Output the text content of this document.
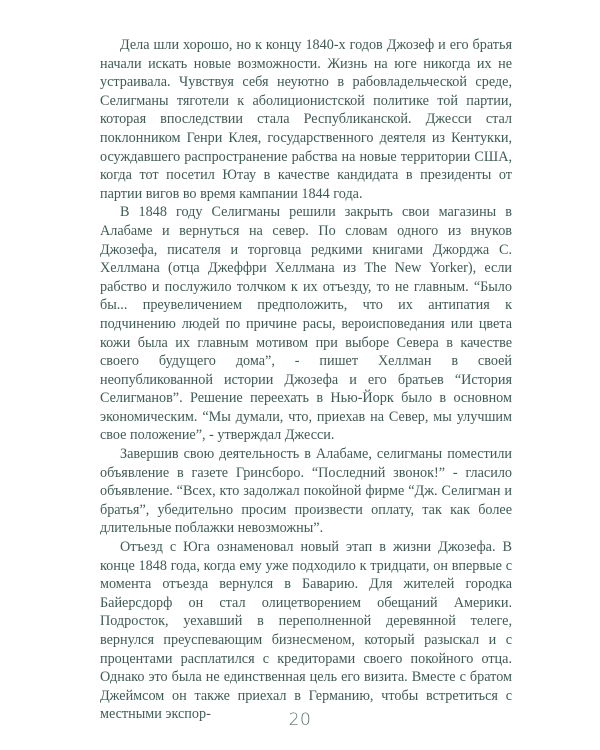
Дела шли хорошо, но к концу 1840-х годов Джозеф и его братья начали искать новые возможности. Жизнь на юге никогда их не устраивала. Чувствуя себя неуютно в рабовладельческой среде, Селигманы тяготели к аболиционистской политике той партии, которая впоследствии стала Республиканской. Джесси стал поклонником Генри Клея, государственного деятеля из Кентукки, осуждавшего распространение рабства на новые территории США, когда тот посетил Ютау в качестве кандидата в президенты от партии вигов во время кампании 1844 года.

В 1848 году Селигманы решили закрыть свои магазины в Алабаме и вернуться на север. По словам одного из внуков Джозефа, писателя и торговца редкими книгами Джорджа С. Хеллмана (отца Джеффри Хеллмана из The New Yorker), если рабство и послужило толчком к их отъезду, то не главным. “Было бы... преувеличением предположить, что их антипатия к подчинению людей по причине расы, вероисповедания или цвета кожи была их главным мотивом при выборе Севера в качестве своего будущего дома”, - пишет Хеллман в своей неопубликованной истории Джозефа и его братьев “История Селигманов”. Решение переехать в Нью-Йорк было в основном экономическим. “Мы думали, что, приехав на Север, мы улучшим свое положение”, - утверждал Джесси.

Завершив свою деятельность в Алабаме, селигманы поместили объявление в газете Гринсборо. “Последний звонок!” - гласило объявление. “Всех, кто задолжал покойной фирме “Дж. Селигман и братья”, убедительно просим произвести оплату, так как более длительные поблажки невозможны”.

Отъезд с Юга ознаменовал новый этап в жизни Джозефа. В конце 1848 года, когда ему уже подходило к тридцати, он впервые с момента отъезда вернулся в Баварию. Для жителей городка Байерсдорф он стал олицетворением обещаний Америки. Подросток, уехавший в переполненной деревянной телеге, вернулся преуспевающим бизнесменом, который разыскал и с процентами расплатился с кредиторами своего покойного отца. Однако это была не единственная цель его визита. Вместе с братом Джеймсом он также приехал в Германию, чтобы встретиться с местными экспор-	20
